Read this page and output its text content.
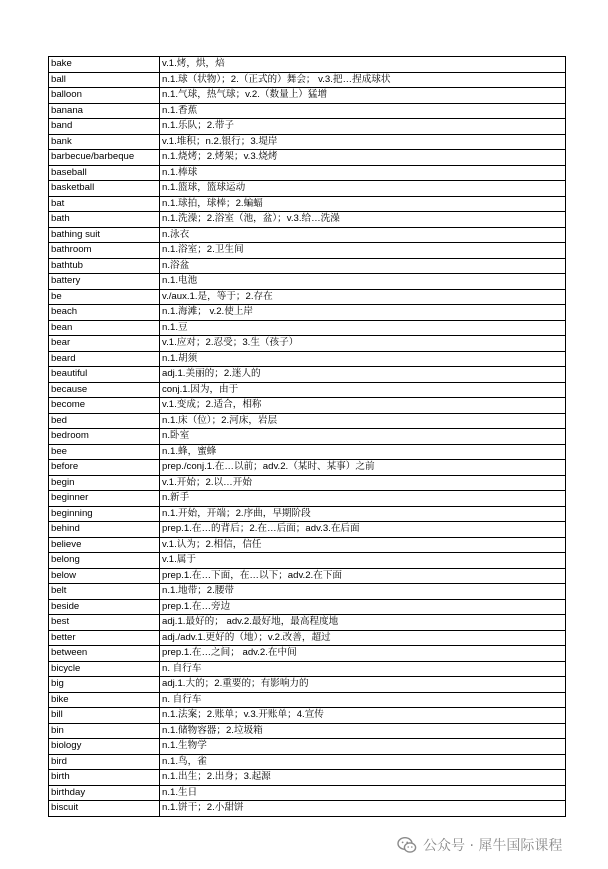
bake	v.1.烤，烘，焙
ball	n.1.球（状物）；2.（正式的）舞会； v.3.把…捏成球状
balloon	n.1.气球，热气球；v.2.（数量上）猛增
banana	n.1.香蕉
band	n.1.乐队；2.带子
bank	v.1.堆积；n.2.银行；3.堤岸
barbecue/barbeque	n.1.烧烤；2.烤架；v.3.烧烤
baseball	n.1.棒球
basketball	n.1.篮球，篮球运动
bat	n.1.球拍，球棒；2.蝙蝠
bath	n.1.洗澡；2.浴室（池，盆）；v.3.给…洗澡
bathing suit	n.泳衣
bathroom	n.1.浴室；2.卫生间
bathtub	n.浴盆
battery	n.1.电池
be	v./aux.1.是，等于；2.存在
beach	n.1.海滩； v.2.使上岸
bean	n.1.豆
bear	v.1.应对；2.忍受；3.生（孩子）
beard	n.1.胡须
beautiful	adj.1.美丽的；2.迷人的
because	conj.1.因为，由于
become	v.1.变成；2.适合，相称
bed	n.1.床（位）；2.河床，岩层
bedroom	n.卧室
bee	n.1.蜂，蜜蜂
before	prep./conj.1.在…以前；adv.2.（某时、某事）之前
begin	v.1.开始；2.以…开始
beginner	n.新手
beginning	n.1.开始，开端；2.序曲，早期阶段
behind	prep.1.在…的背后；2.在…后面；adv.3.在后面
believe	v.1.认为；2.相信，信任
belong	v.1.属于
below	prep.1.在…下面，在…以下；adv.2.在下面
belt	n.1.地带；2.腰带
beside	prep.1.在…旁边
best	adj.1.最好的； adv.2.最好地，最高程度地
better	adj./adv.1.更好的（地）；v.2.改善，超过
between	prep.1.在…之间； adv.2.在中间
bicycle	n. 自行车
big	adj.1.大的；2.重要的；有影响力的
bike	n. 自行车
bill	n.1.法案；2.账单；v.3.开账单；4.宣传
bin	n.1.储物容器；2.垃圾箱
biology	n.1.生物学
bird	n.1.鸟，雀
birth	n.1.出生；2.出身；3.起源
birthday	n.1.生日
biscuit	n.1.饼干；2.小甜饼
公众号 · 犀牛国际课程
